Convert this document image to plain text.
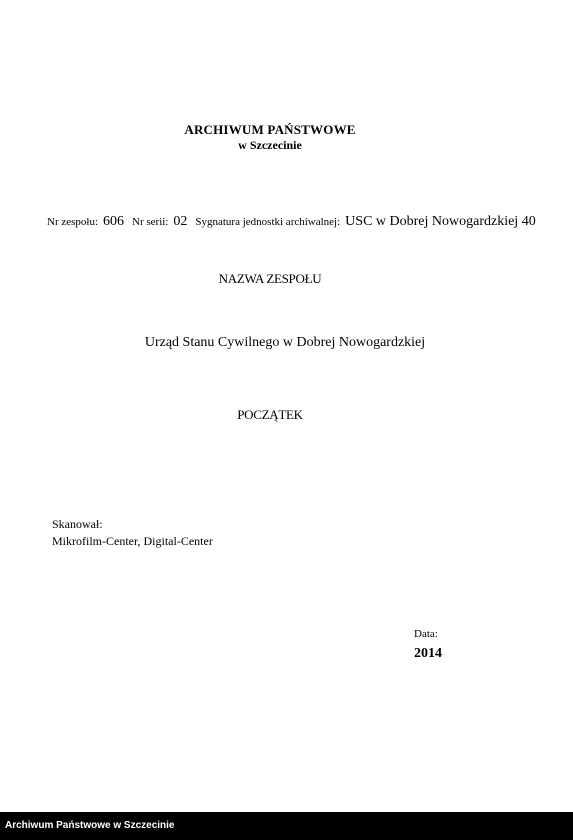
ARCHIWUM PAŃSTWOWE
w Szczecinie
Nr zespołu: 606 Nr serii: 02 Sygnatura jednostki archiwalnej: USC w Dobrej Nowogardzkiej 40
NAZWA ZESPOŁU
Urząd Stanu Cywilnego w Dobrej Nowogardzkiej
POCZĄTEK
Skanował:
Mikrofilm-Center, Digital-Center
Data:
2014
Archiwum Państwowe w Szczecinie
